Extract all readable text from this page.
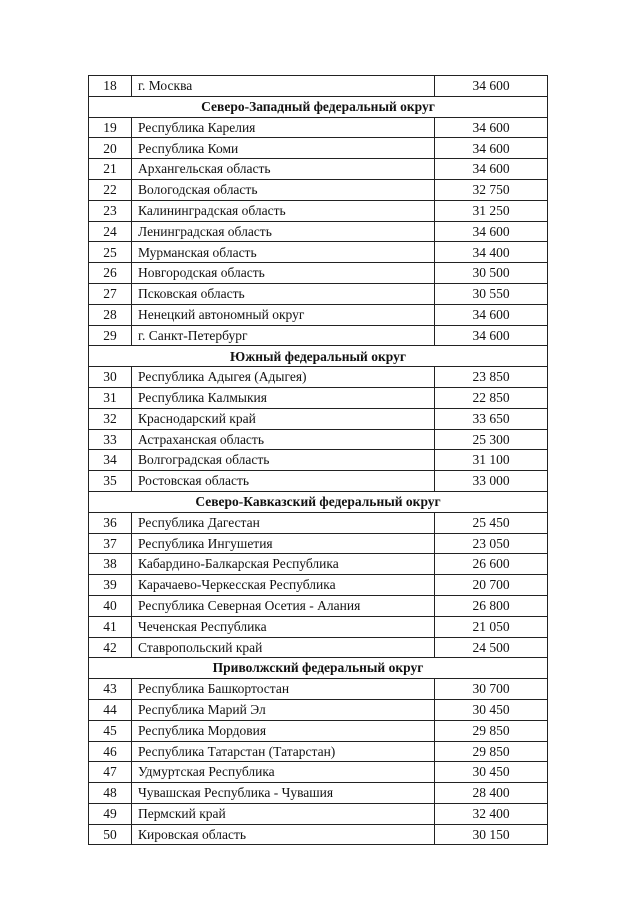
18	г. Москва	34 600
Северо-Западный федеральный округ		
19	Республика Карелия	34 600
20	Республика Коми	34 600
21	Архангельская область	34 600
22	Вологодская область	32 750
23	Калининградская область	31 250
24	Ленинградская область	34 600
25	Мурманская область	34 400
26	Новгородская область	30 500
27	Псковская область	30 550
28	Ненецкий автономный округ	34 600
29	г. Санкт-Петербург	34 600
Южный федеральный округ		
30	Республика Адыгея (Адыгея)	23 850
31	Республика Калмыкия	22 850
32	Краснодарский край	33 650
33	Астраханская область	25 300
34	Волгоградская область	31 100
35	Ростовская область	33 000
Северо-Кавказский федеральный округ		
36	Республика Дагестан	25 450
37	Республика Ингушетия	23 050
38	Кабардино-Балкарская Республика	26 600
39	Карачаево-Черкесская Республика	20 700
40	Республика Северная Осетия - Алания	26 800
41	Чеченская Республика	21 050
42	Ставропольский край	24 500
Приволжский федеральный округ		
43	Республика Башкортостан	30 700
44	Республика Марий Эл	30 450
45	Республика Мордовия	29 850
46	Республика Татарстан (Татарстан)	29 850
47	Удмуртская Республика	30 450
48	Чувашская Республика - Чувашия	28 400
49	Пермский край	32 400
50	Кировская область	30 150
